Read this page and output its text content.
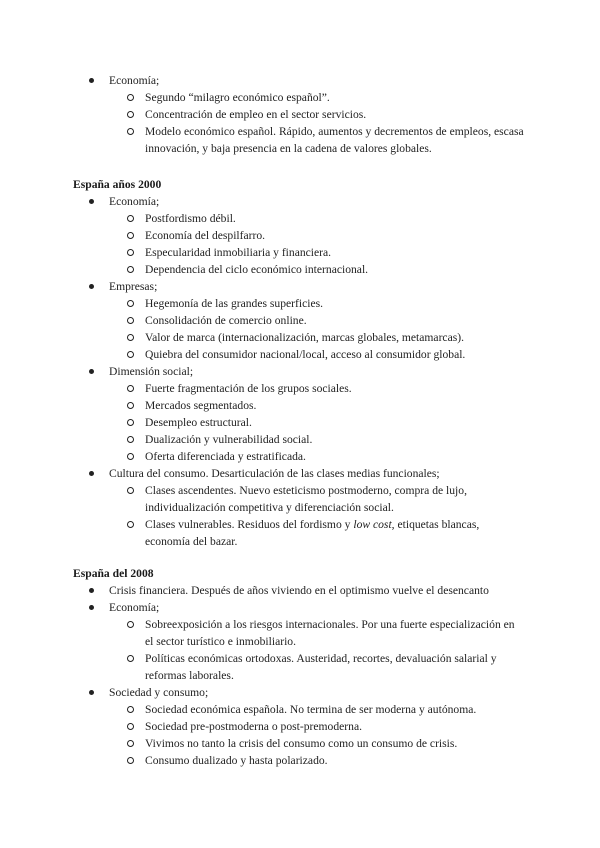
Economía;
Segundo “milagro económico español”.
Concentración de empleo en el sector servicios.
Modelo económico español. Rápido, aumentos y decrementos de empleos, escasa innovación, y baja presencia en la cadena de valores globales.
España años 2000
Economía;
Postfordismo débil.
Economía del despilfarro.
Especularidad inmobiliaria y financiera.
Dependencia del ciclo económico internacional.
Empresas;
Hegemonía de las grandes superficies.
Consolidación de comercio online.
Valor de marca (internacionalización, marcas globales, metamarcas).
Quiebra del consumidor nacional/local, acceso al consumidor global.
Dimensión social;
Fuerte fragmentación de los grupos sociales.
Mercados segmentados.
Desempleo estructural.
Dualización y vulnerabilidad social.
Oferta diferenciada y estratificada.
Cultura del consumo. Desarticulación de las clases medias funcionales;
Clases ascendentes. Nuevo esteticismo postmoderno, compra de lujo, individualización competitiva y diferenciación social.
Clases vulnerables. Residuos del fordismo y low cost, etiquetas blancas, economía del bazar.
España del 2008
Crisis financiera. Después de años viviendo en el optimismo vuelve el desencanto
Economía;
Sobreexposición a los riesgos internacionales. Por una fuerte especialización en el sector turístico e inmobiliario.
Políticas económicas ortodoxas. Austeridad, recortes, devaluación salarial y reformas laborales.
Sociedad y consumo;
Sociedad económica española. No termina de ser moderna y autónoma.
Sociedad pre-postmoderna o post-premoderna.
Vivimos no tanto la crisis del consumo como un consumo de crisis.
Consumo dualizado y hasta polarizado.
